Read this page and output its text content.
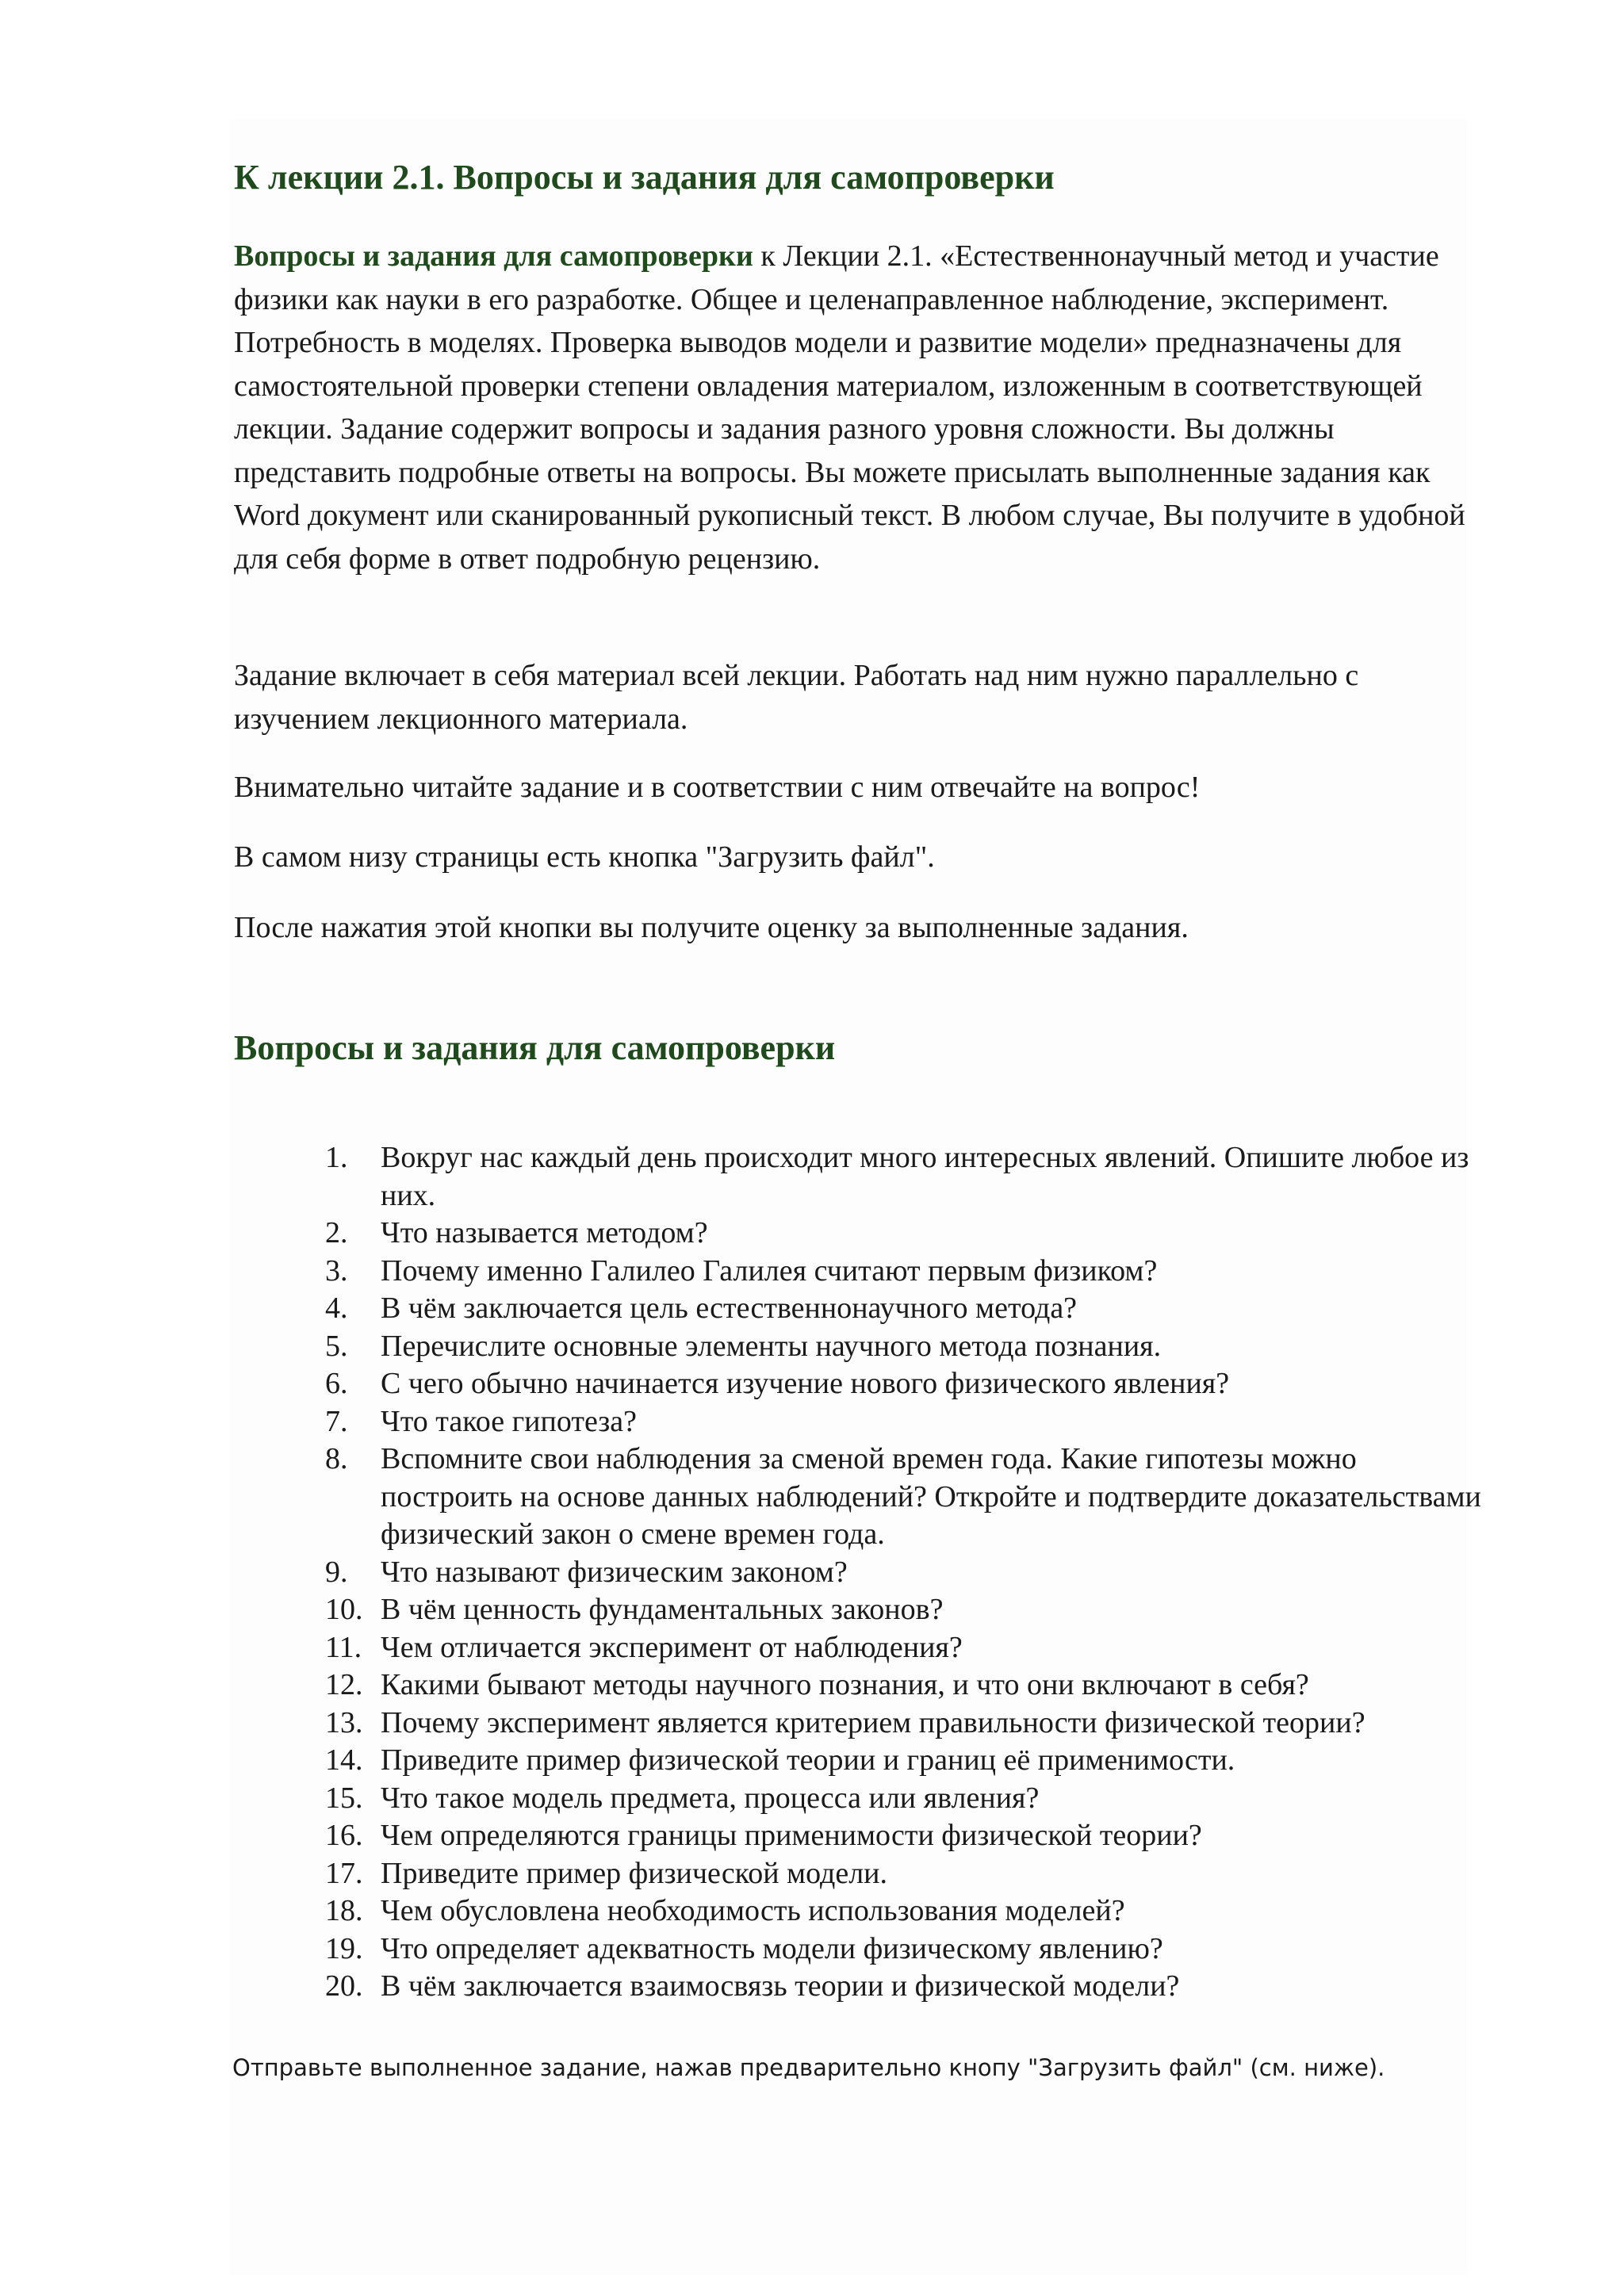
К лекции 2.1. Вопросы и задания для самопроверки

Вопросы и задания для самопроверки к Лекции 2.1. «Естественнонаучный метод и участие физики как науки в его разработке. Общее и целенаправленное наблюдение, эксперимент. Потребность в моделях. Проверка выводов модели и развитие модели» предназначены для самостоятельной проверки степени овладения материалом, изложенным в соответствующей лекции. Задание содержит вопросы и задания разного уровня сложности. Вы должны представить подробные ответы на вопросы. Вы можете присылать выполненные задания как Word документ или сканированный рукописный текст. В любом случае, Вы получите в удобной для себя форме в ответ подробную рецензию.

Задание включает в себя материал всей лекции. Работать над ним нужно параллельно с изучением лекционного материала.

Внимательно читайте задание и в соответствии с ним отвечайте на вопрос!

В самом низу страницы есть кнопка "Загрузить файл".

После нажатия этой кнопки вы получите оценку за выполненные задания.

Вопросы и задания для самопроверки
1.	Вокруг нас каждый день происходит много интересных явлений. Опишите любое из них.
2.	Что называется методом?
3.	Почему именно Галилео Галилея считают первым физиком?
4.	В чём заключается цель естественнонаучного метода?
5.	Перечислите основные элементы научного метода познания.
6.	С чего обычно начинается изучение нового физического явления?
7.	Что такое гипотеза?
8.	Вспомните свои наблюдения за сменой времен года. Какие гипотезы можно построить на основе данных наблюдений? Откройте и подтвердите доказательствами физический закон о смене времен года.
9.	Что называют физическим законом?
10. В чём ценность фундаментальных законов?
11. Чем отличается эксперимент от наблюдения?
12. Какими бывают методы научного познания, и что они включают в себя?
13. Почему эксперимент является критерием правильности физической теории?
14. Приведите пример физической теории и границ её применимости.
15. Что такое модель предмета, процесса или явления?
16. Чем определяются границы применимости физической теории?
17. Приведите пример физической модели.
18. Чем обусловлена необходимость использования моделей?
19. Что определяет адекватность модели физическому явлению?
20. В чём заключается взаимосвязь теории и физической модели?

Отправьте выполненное задание, нажав предварительно кнопу "Загрузить файл" (см. ниже).
